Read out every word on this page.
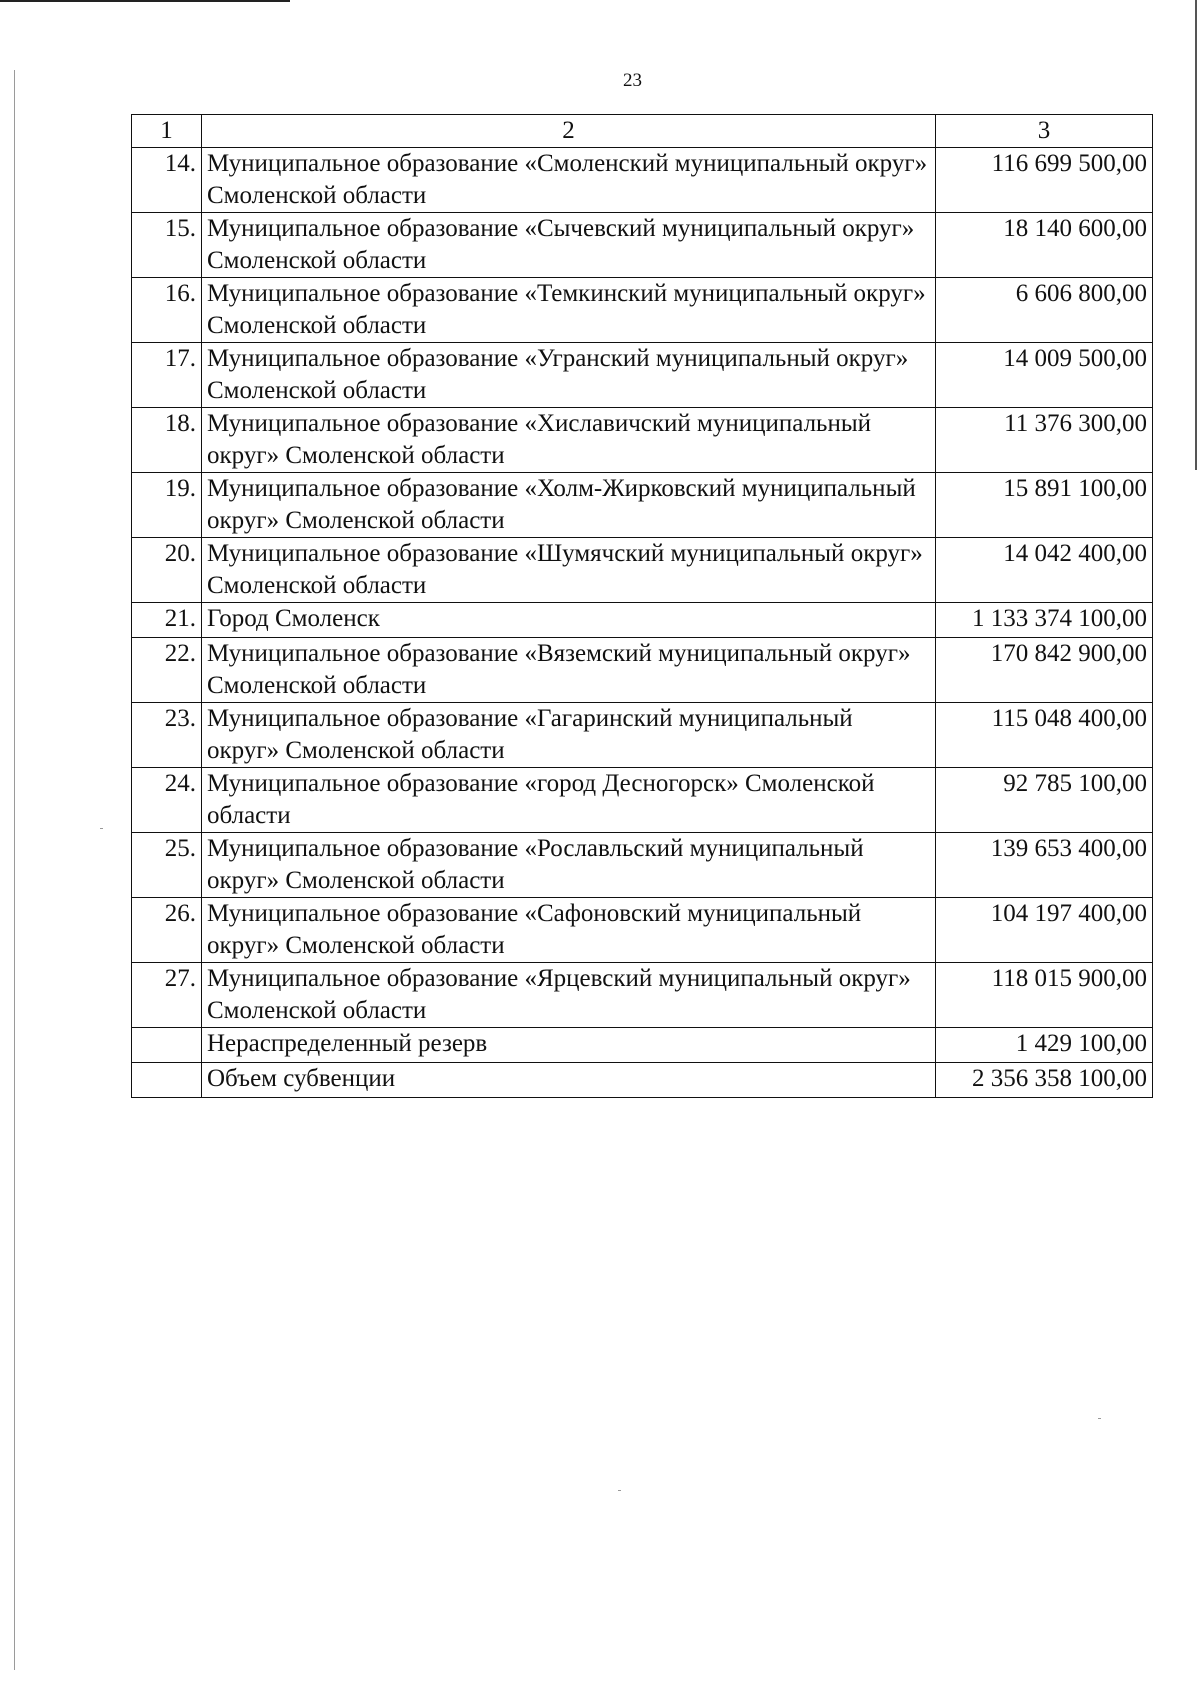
23
1	2	3
14.	Муниципальное образование «Смоленский муниципальный округ» Смоленской области	116 699 500,00
15.	Муниципальное образование «Сычевский муниципальный округ» Смоленской области	18 140 600,00
16.	Муниципальное образование «Темкинский муниципальный округ» Смоленской области	6 606 800,00
17.	Муниципальное образование «Угранский муниципальный округ» Смоленской области	14 009 500,00
18.	Муниципальное образование «Хиславичский муниципальный округ» Смоленской области	11 376 300,00
19.	Муниципальное образование «Холм-Жирковский муниципальный округ» Смоленской области	15 891 100,00
20.	Муниципальное образование «Шумячский муниципальный округ» Смоленской области	14 042 400,00
21.	Город Смоленск	1 133 374 100,00
22.	Муниципальное образование «Вяземский муниципальный округ» Смоленской области	170 842 900,00
23.	Муниципальное образование «Гагаринский муниципальный округ» Смоленской области	115 048 400,00
24.	Муниципальное образование «город Десногорск» Смоленской области	92 785 100,00
25.	Муниципальное образование «Рославльский муниципальный округ» Смоленской области	139 653 400,00
26.	Муниципальное образование «Сафоновский муниципальный округ» Смоленской области	104 197 400,00
27.	Муниципальное образование «Ярцевский муниципальный округ» Смоленской области	118 015 900,00
	Нераспределенный резерв	1 429 100,00
	Объем субвенции	2 356 358 100,00
